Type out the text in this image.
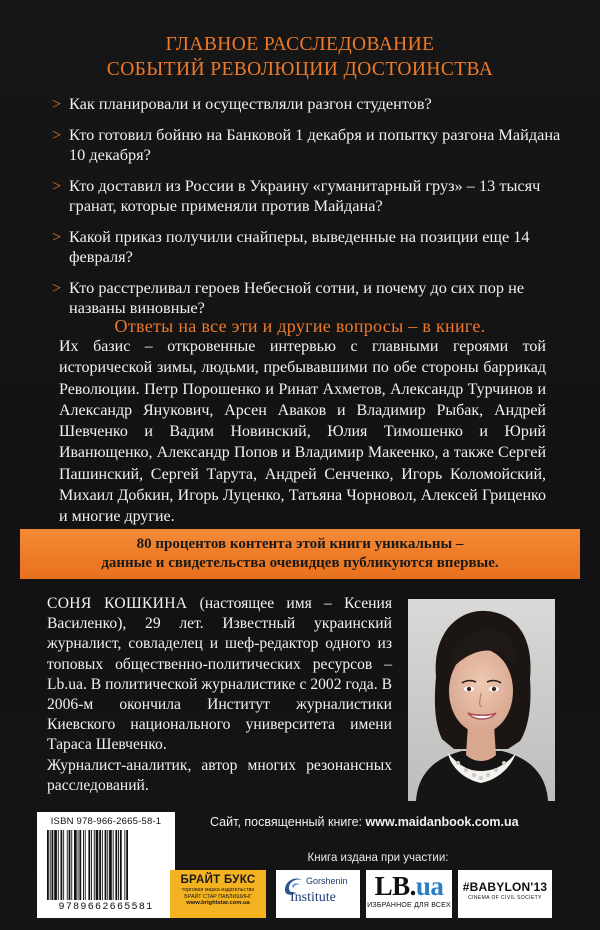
ГЛАВНОЕ РАССЛЕДОВАНИЕ
СОБЫТИЙ РЕВОЛЮЦИИ ДОСТОИНСТВА
> Как планировали и осуществляли разгон студентов?
> Кто готовил бойню на Банковой 1 декабря и попытку разгона Майдана 10 декабря?
> Кто доставил из России в Украину «гуманитарный груз» – 13 тысяч гранат, которые применяли против Майдана?
> Какой приказ получили снайперы, выведенные на позиции еще 14 февраля?
> Кто расстреливал героев Небесной сотни, и почему до сих пор не названы виновные?
Ответы на все эти и другие вопросы – в книге.
Их базис – откровенные интервью с главными героями той исторической зимы, людьми, пребывавшими по обе стороны баррикад Революции. Петр Порошенко и Ринат Ахметов, Александр Турчинов и Александр Янукович, Арсен Аваков и Владимир Рыбак, Андрей Шевченко и Вадим Новинский, Юлия Тимошенко и Юрий Иванющенко, Александр Попов и Владимир Макеенко, а также Сергей Пашинский, Сергей Тарута, Андрей Сенченко, Игорь Коломойский, Михаил Добкин, Игорь Луценко, Татьяна Чорновол, Алексей Гриценко и многие другие.
80 процентов контента этой книги уникальны –
данные и свидетельства очевидцев публикуются впервые.
СОНЯ КОШКИНА (настоящее имя – Ксения Василенко), 29 лет. Известный украинский журналист, совладелец и шеф-редактор одного из топовых общественно-политических ресурсов – Lb.ua. В политической журналистике с 2002 года. В 2006-м окончила Институт журналистики Киевского национального университета имени Тараса Шевченко.
Журналист-аналитик, автор многих резонансных расследований.
ISBN 978-966-2665-58-1
9789662665581
Сайт, посвященный книге: www.maidanbook.com.ua
Книга издана при участии:
БРАЙТ БУКС
торговая марка издательства
БРАЙТ СТАР ПАБЛИШИНГ
www.brightstar.com.ua
Gorshenin
Institute	LB.ua
ИЗБРАННОЕ ДЛЯ ВСЕХ
#BABYLON'13
CINEMA OF CIVIL SOCIETY
